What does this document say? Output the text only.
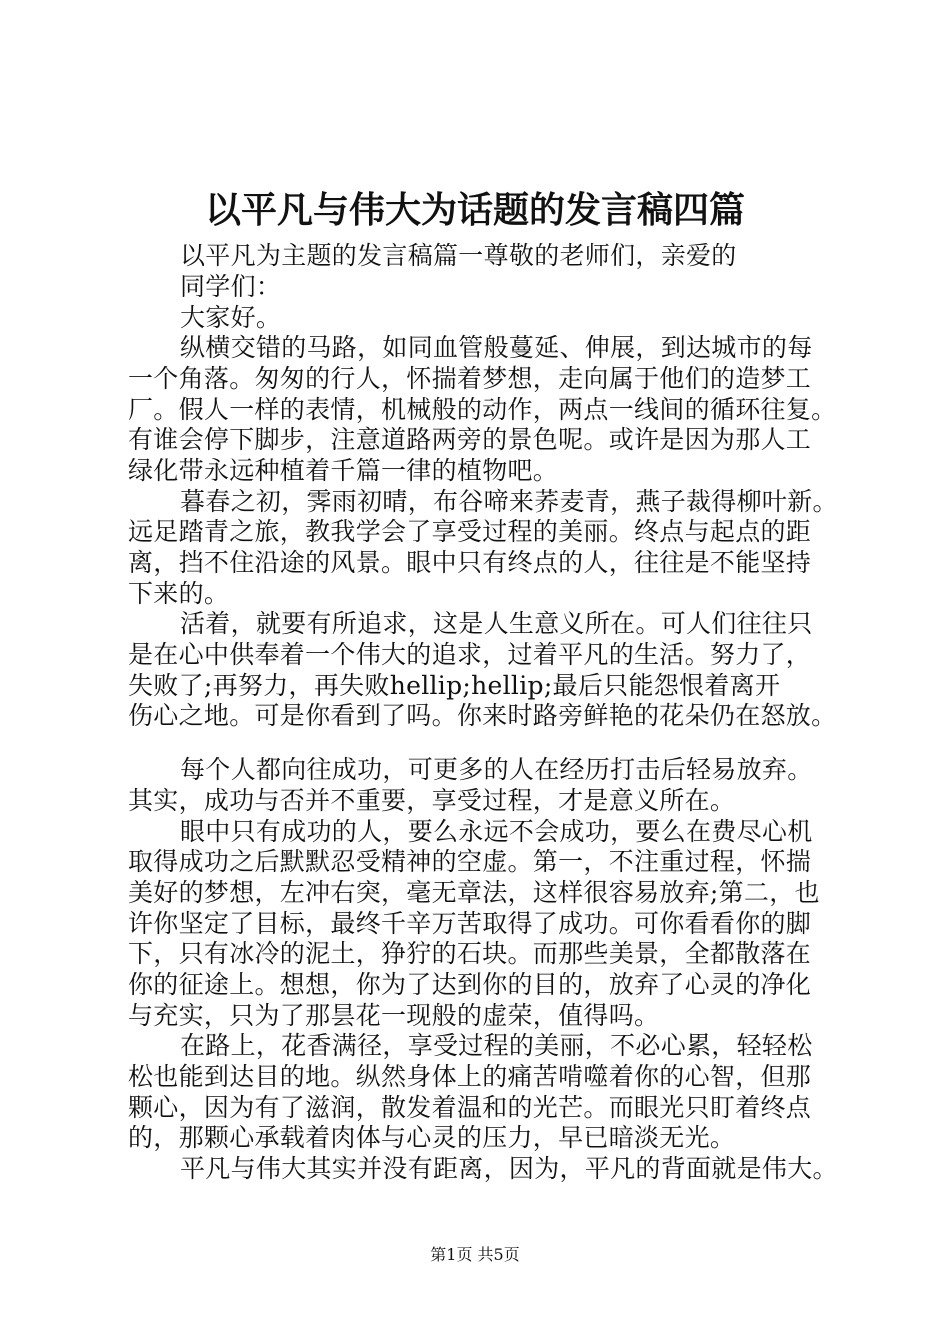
以平凡与伟大为话题的发言稿四篇
以平凡为主题的发言稿篇一尊敬的老师们，亲爱的
同学们：
大家好。
纵横交错的马路，如同血管般蔓延、伸展，到达城市的每
一个角落。匆匆的行人，怀揣着梦想，走向属于他们的造梦工
厂。假人一样的表情，机械般的动作，两点一线间的循环往复。
有谁会停下脚步，注意道路两旁的景色呢。或许是因为那人工
绿化带永远种植着千篇一律的植物吧。
暮春之初，霁雨初晴，布谷啼来荞麦青，燕子裁得柳叶新。
远足踏青之旅，教我学会了享受过程的美丽。终点与起点的距
离，挡不住沿途的风景。眼中只有终点的人，往往是不能坚持
下来的。
活着，就要有所追求，这是人生意义所在。可人们往往只
是在心中供奉着一个伟大的追求，过着平凡的生活。努力了，
失败了;再努力，再失败hellip;hellip;最后只能怨恨着离开
伤心之地。可是你看到了吗。你来时路旁鲜艳的花朵仍在怒放。
每个人都向往成功，可更多的人在经历打击后轻易放弃。
其实，成功与否并不重要，享受过程，才是意义所在。
眼中只有成功的人，要么永远不会成功，要么在费尽心机
取得成功之后默默忍受精神的空虚。第一，不注重过程，怀揣
美好的梦想，左冲右突，毫无章法，这样很容易放弃;第二，也
许你坚定了目标，最终千辛万苦取得了成功。可你看看你的脚
下，只有冰冷的泥土，狰狞的石块。而那些美景，全都散落在
你的征途上。想想，你为了达到你的目的，放弃了心灵的净化
与充实，只为了那昙花一现般的虚荣，值得吗。
在路上，花香满径，享受过程的美丽，不必心累，轻轻松
松也能到达目的地。纵然身体上的痛苦啃噬着你的心智，但那
颗心，因为有了滋润，散发着温和的光芒。而眼光只盯着终点
的，那颗心承载着肉体与心灵的压力，早已暗淡无光。
平凡与伟大其实并没有距离，因为，平凡的背面就是伟大。
第1页 共5页
